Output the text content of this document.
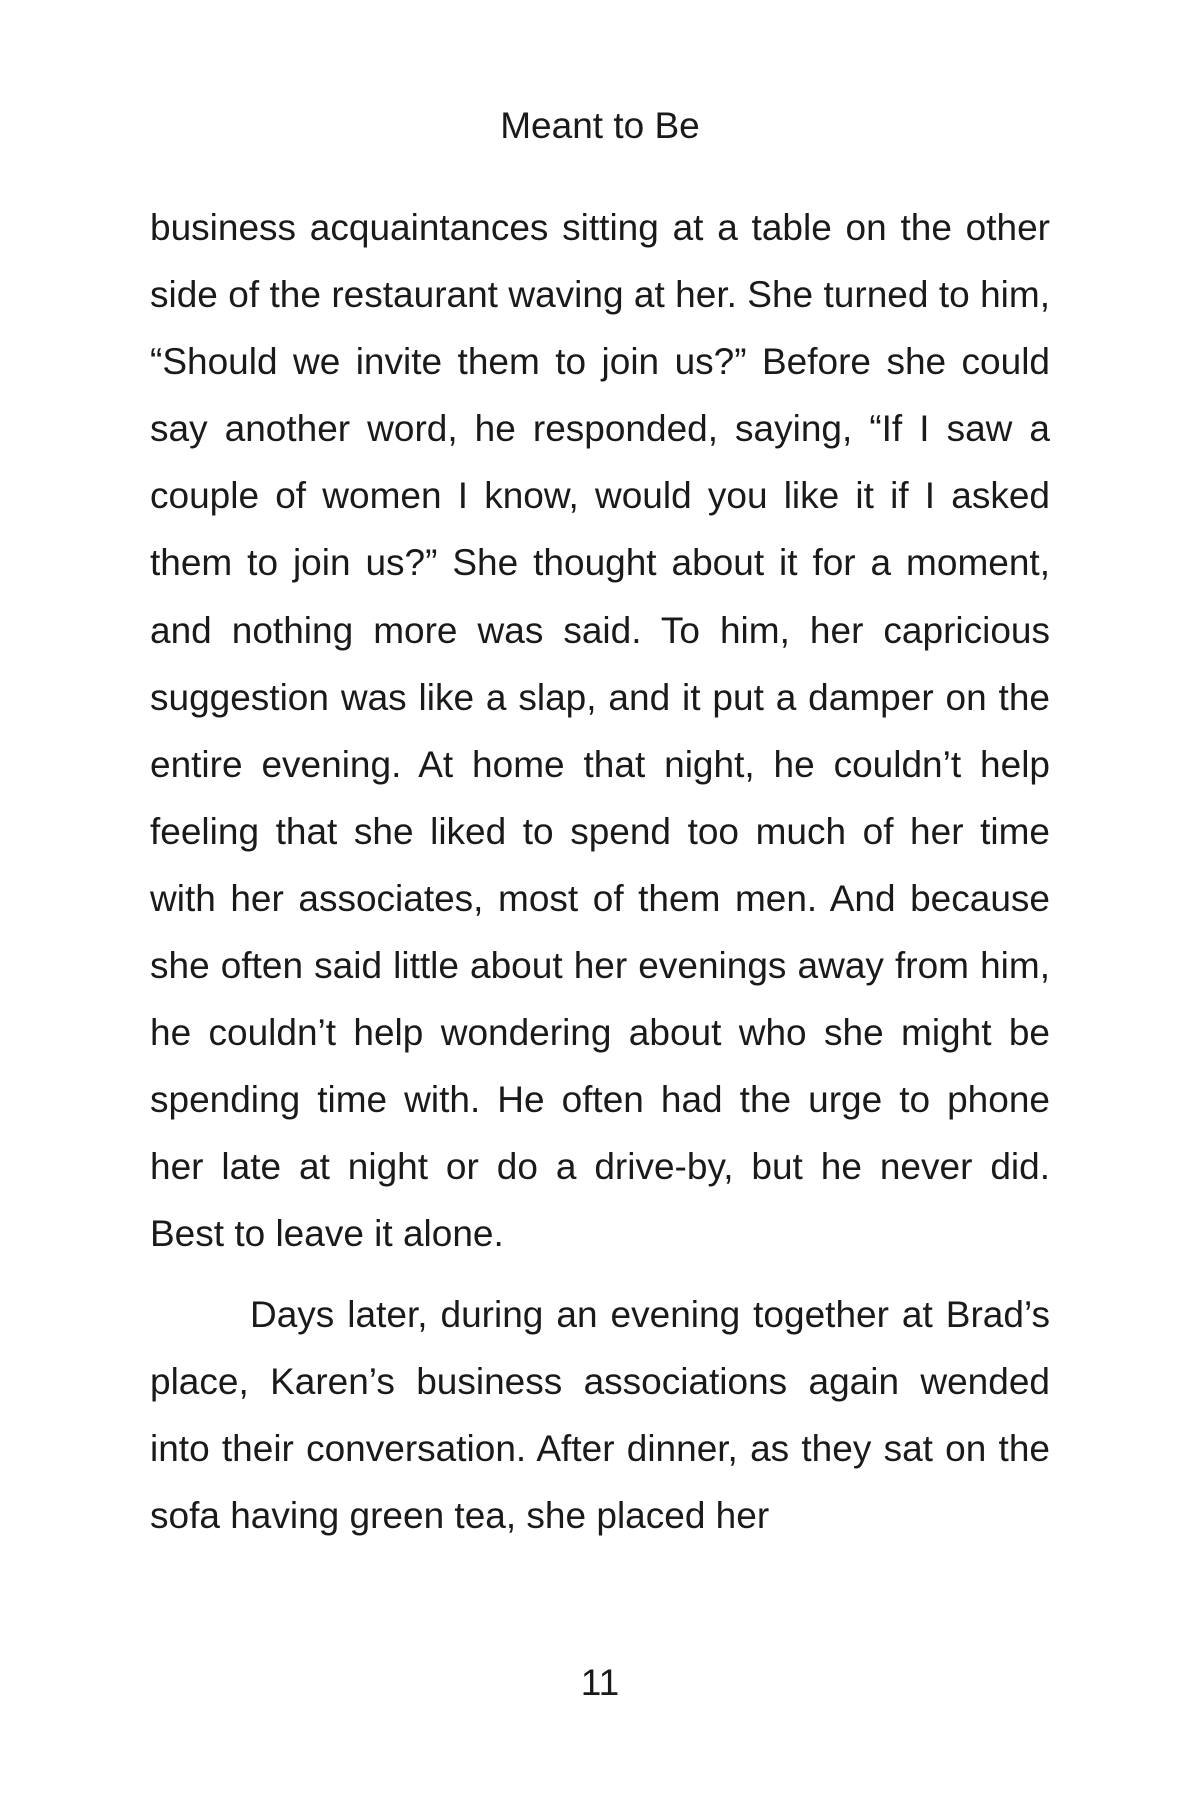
Meant to Be

business acquaintances sitting at a table on the other side of the restaurant waving at her. She turned to him, “Should we invite them to join us?” Before she could say another word, he responded, saying, “If I saw a couple of women I know, would you like it if I asked them to join us?” She thought about it for a moment, and nothing more was said. To him, her capricious suggestion was like a slap, and it put a damper on the entire evening. At home that night, he couldn’t help feeling that she liked to spend too much of her time with her associates, most of them men. And because she often said little about her evenings away from him, he couldn’t help wondering about who she might be spending time with. He often had the urge to phone her late at night or do a drive-by, but he never did. Best to leave it alone.

Days later, during an evening together at Brad’s place, Karen’s business associations again wended into their conversation. After dinner, as they sat on the sofa having green tea, she placed her

11
